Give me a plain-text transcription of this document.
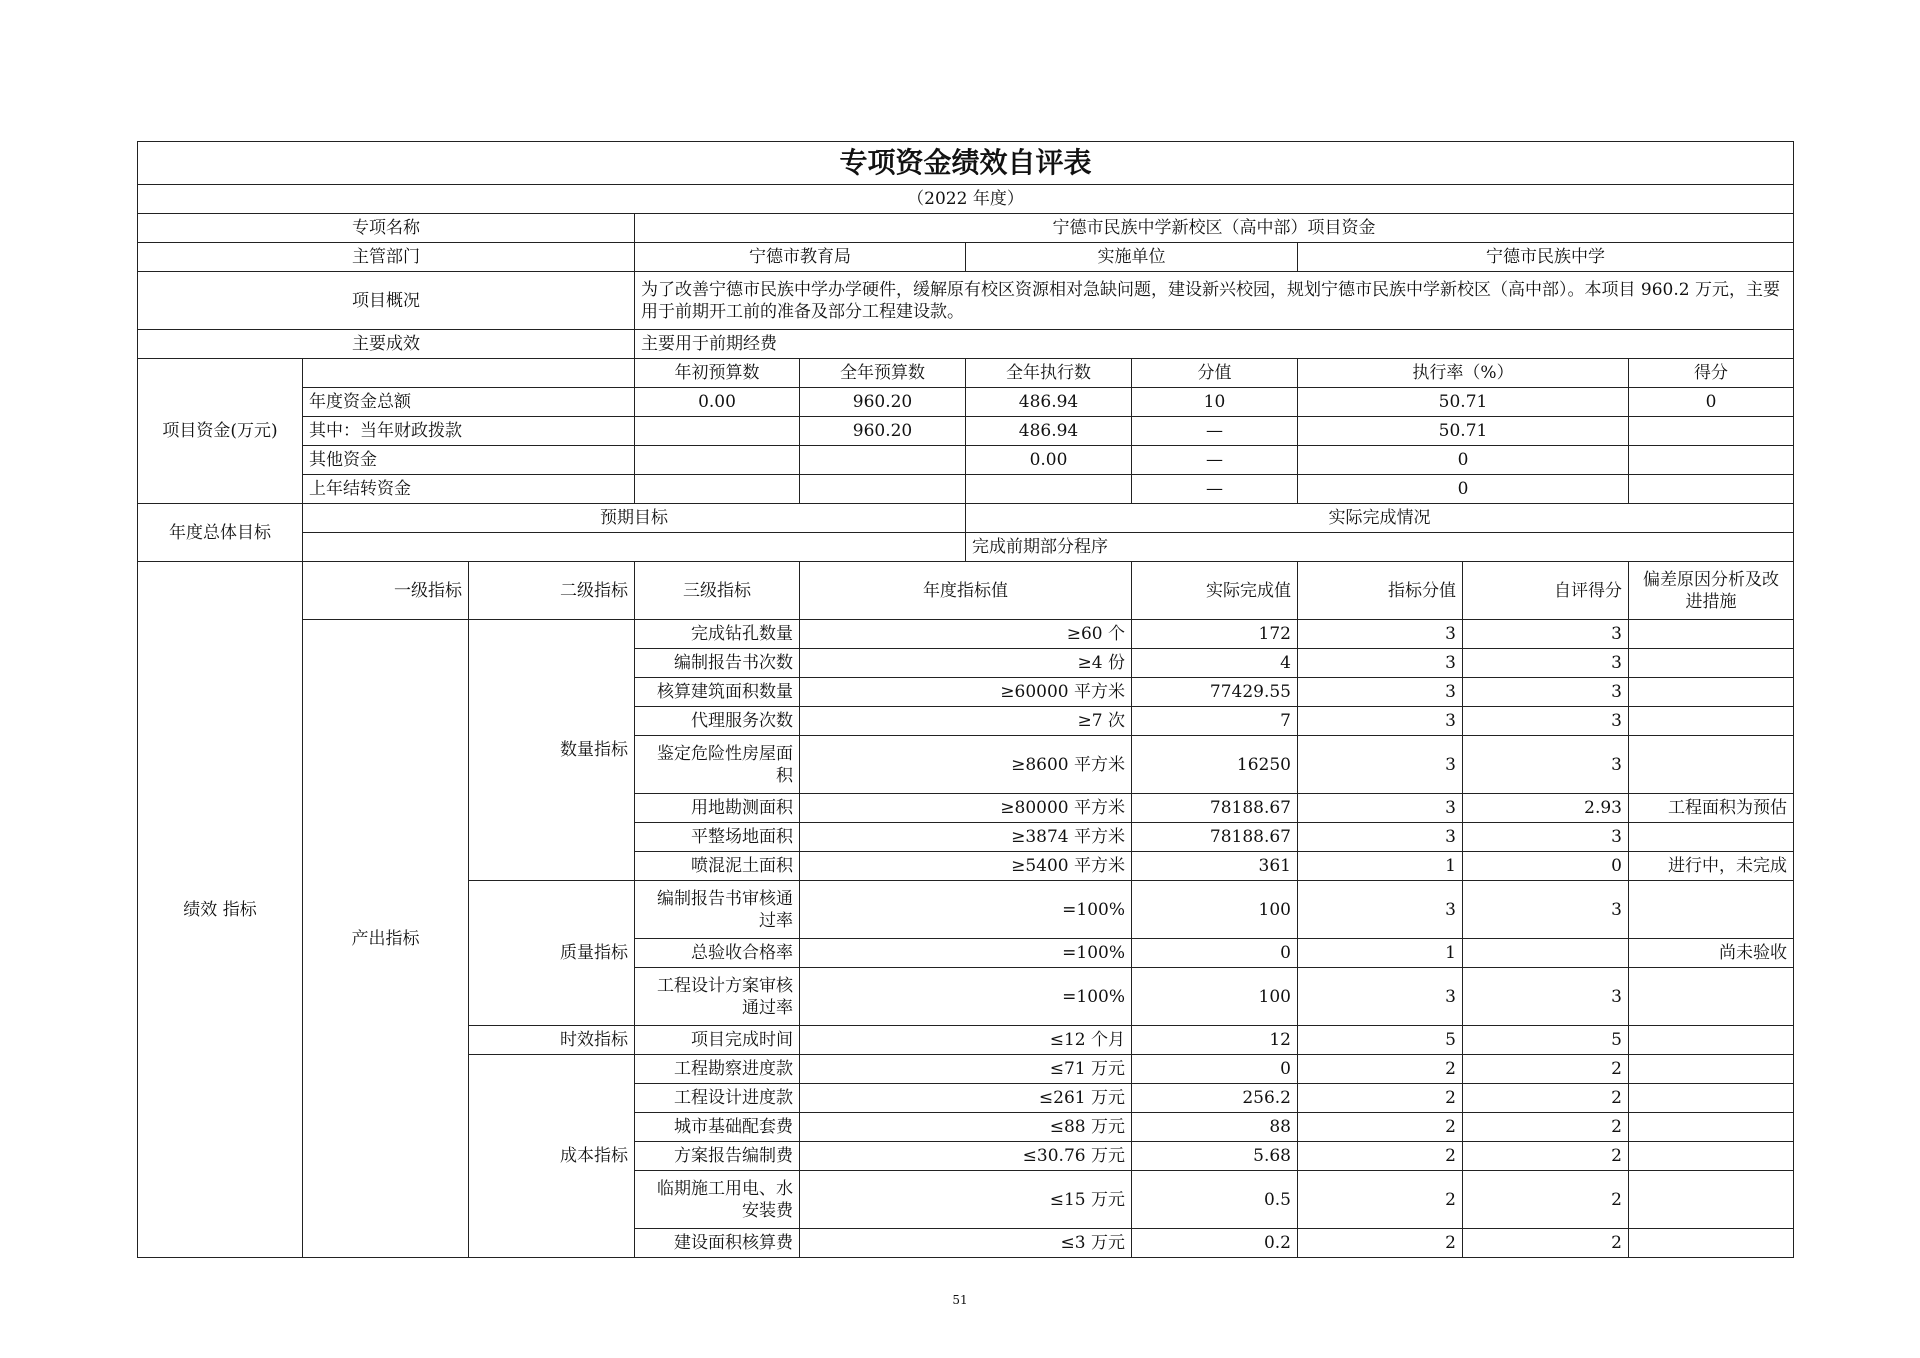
专项资金绩效自评表									
（2022 年度）									
专项名称			宁德市民族中学新校区（高中部）项目资金						
主管部门			宁德市教育局		实施单位		宁德市民族中学		
项目概况			为了改善宁德市民族中学办学硬件，缓解原有校区资源相对急缺问题，建设新兴校园，规划宁德市民族中学新校区（高中部）。本项目 960.2 万元，主要用于前期开工前的准备及部分工程建设款。						
主要成效			主要用于前期经费						
项目资金(万元)			年初预算数	全年预算数	全年执行数	分值	执行率（%）		得分
	年度资金总额		0.00	960.20	486.94	10	50.71		0
	其中：当年财政拨款			960.20	486.94	—	50.71		
	其他资金				0.00	—	0		
	上年结转资金					—	0		
年度总体目标	预期目标				实际完成情况				
					完成前期部分程序				
绩效 指标	一级指标	二级指标	三级指标	年度指标值		实际完成值	指标分值	自评得分	偏差原因分析及改进措施
	产出指标	数量指标	完成钻孔数量	≥60 个		172	3	3	
			编制报告书次数	≥4 份		4	3	3	
			核算建筑面积数量	≥60000 平方米		77429.55	3	3	
			代理服务次数	≥7 次		7	3	3	
			鉴定危险性房屋面积	≥8600 平方米		16250	3	3	
			用地勘测面积	≥80000 平方米		78188.67	3	2.93	工程面积为预估
			平整场地面积	≥3874 平方米		78188.67	3	3	
			喷混泥土面积	≥5400 平方米		361	1	0	进行中，未完成
		质量指标	编制报告书审核通过率	=100%		100	3	3	
			总验收合格率	=100%		0	1		尚未验收
			工程设计方案审核通过率	=100%		100	3	3	
		时效指标	项目完成时间	≤12 个月		12	5	5	
		成本指标	工程勘察进度款	≤71 万元		0	2	2	
			工程设计进度款	≤261 万元		256.2	2	2	
			城市基础配套费	≤88 万元		88	2	2	
			方案报告编制费	≤30.76 万元		5.68	2	2	
			临期施工用电、水安装费	≤15 万元		0.5	2	2	
			建设面积核算费	≤3 万元		0.2	2	2	
51
